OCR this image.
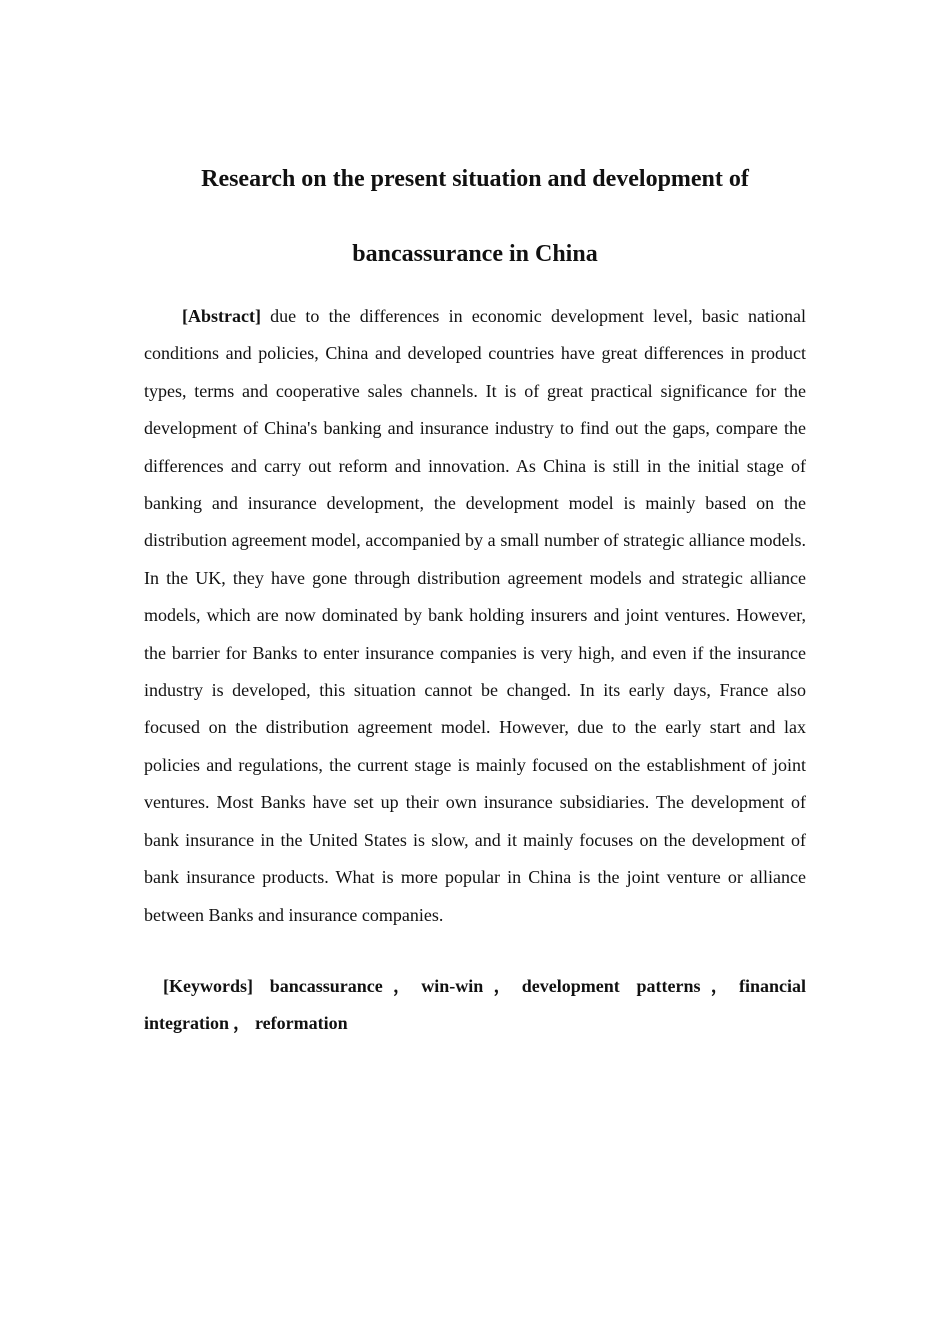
Research on the present situation and development of
bancassurance in China

[Abstract] due to the differences in economic development level, basic national conditions and policies, China and developed countries have great differences in product types, terms and cooperative sales channels. It is of great practical significance for the development of China's banking and insurance industry to find out the gaps, compare the differences and carry out reform and innovation. As China is still in the initial stage of banking and insurance development, the development model is mainly based on the distribution agreement model, accompanied by a small number of strategic alliance models. In the UK, they have gone through distribution agreement models and strategic alliance models, which are now dominated by bank holding insurers and joint ventures. However, the barrier for Banks to enter insurance companies is very high, and even if the insurance industry is developed, this situation cannot be changed. In its early days, France also focused on the distribution agreement model. However, due to the early start and lax policies and regulations, the current stage is mainly focused on the establishment of joint ventures. Most Banks have set up their own insurance subsidiaries. The development of bank insurance in the United States is slow, and it mainly focuses on the development of bank insurance products. What is more popular in China is the joint venture or alliance between Banks and insurance companies.

[Keywords] bancassurance ， win-win ， development patterns ， financial integration ， reformation
